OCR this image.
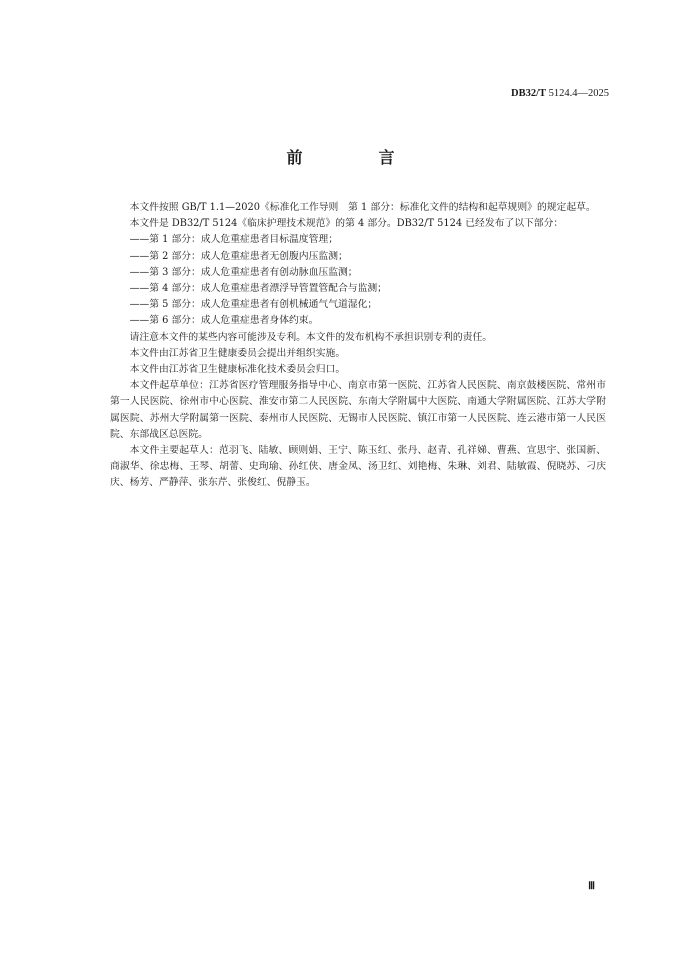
DB32/T 5124.4—2025
前　言

本文件按照 GB/T 1.1—2020《标准化工作导则　第 1 部分：标准化文件的结构和起草规则》的规定起草。

本文件是 DB32/T 5124《临床护理技术规范》的第 4 部分。DB32/T 5124 已经发布了以下部分：

——第 1 部分：成人危重症患者目标温度管理；

——第 2 部分：成人危重症患者无创腹内压监测；

——第 3 部分：成人危重症患者有创动脉血压监测；

——第 4 部分：成人危重症患者漂浮导管置管配合与监测；

——第 5 部分：成人危重症患者有创机械通气气道湿化；

——第 6 部分：成人危重症患者身体约束。

请注意本文件的某些内容可能涉及专利。本文件的发布机构不承担识别专利的责任。

本文件由江苏省卫生健康委员会提出并组织实施。

本文件由江苏省卫生健康标准化技术委员会归口。

本文件起草单位：江苏省医疗管理服务指导中心、南京市第一医院、江苏省人民医院、南京鼓楼医院、常州市第一人民医院、徐州市中心医院、淮安市第二人民医院、东南大学附属中大医院、南通大学附属医院、江苏大学附属医院、苏州大学附属第一医院、泰州市人民医院、无锡市人民医院、镇江市第一人民医院、连云港市第一人民医院、东部战区总医院。

本文件主要起草人：范羽飞、陆敏、顾则娟、王宁、陈玉红、张丹、赵青、孔祥娣、曹燕、宣思宇、张国新、商淑华、徐忠梅、王琴、胡蕾、史珣瑜、孙红侠、唐金凤、汤卫红、刘艳梅、朱琳、刘君、陆敏霞、倪晓苏、刁庆庆、杨芳、严静萍、张东芹、张俊红、倪静玉。

Ⅲ
